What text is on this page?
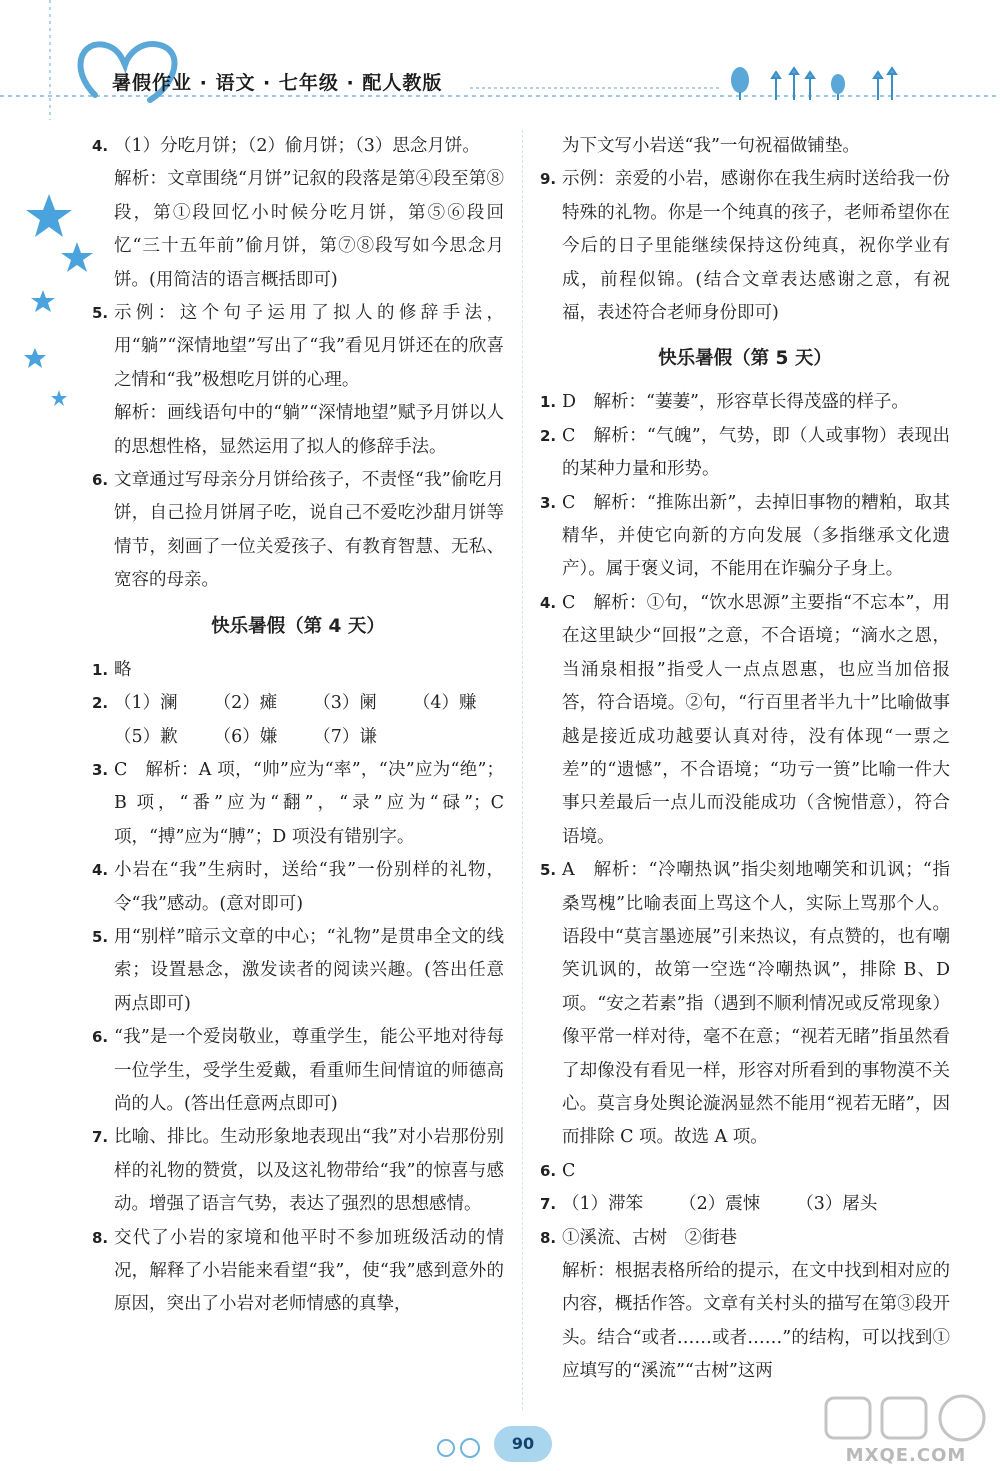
暑假作业 · 语文 · 七年级 · 配人教版
4. （1）分吃月饼；（2）偷月饼；（3）思念月饼。
解析：文章围绕“月饼”记叙的段落是第④段至第⑧段，第①段回忆小时候分吃月饼，第⑤⑥段回忆“三十五年前”偷月饼，第⑦⑧段写如今思念月饼。(用简洁的语言概括即可)
5. 示例：这个句子运用了拟人的修辞手法，用“躺”“深情地望”写出了“我”看见月饼还在的欣喜之情和“我”极想吃月饼的心理。
解析：画线语句中的“躺”“深情地望”赋予月饼以人的思想性格，显然运用了拟人的修辞手法。
6. 文章通过写母亲分月饼给孩子，不责怪“我”偷吃月饼，自己捡月饼屑子吃，说自己不爱吃沙甜月饼等情节，刻画了一位关爱孩子、有教育智慧、无私、宽容的母亲。
快乐暑假（第 4 天）
1. 略
2. （1）澜 （2）瘫 （3）阑 （4）赚
（5）歉 （6）嫌 （7）谦
3. C　解析：A 项，“帅”应为“率”，“决”应为“绝”；B 项，“番”应为“翻”，“录”应为“碌”；C 项，“搏”应为“膊”；D 项没有错别字。
4. 小岩在“我”生病时，送给“我”一份别样的礼物，令“我”感动。(意对即可)
5. 用“别样”暗示文章的中心；“礼物”是贯串全文的线索；设置悬念，激发读者的阅读兴趣。(答出任意两点即可)
6. “我”是一个爱岗敬业，尊重学生，能公平地对待每一位学生，受学生爱戴，看重师生间情谊的师德高尚的人。(答出任意两点即可)
7. 比喻、排比。生动形象地表现出“我”对小岩那份别样的礼物的赞赏，以及这礼物带给“我”的惊喜与感动。增强了语言气势，表达了强烈的思想感情。
8. 交代了小岩的家境和他平时不参加班级活动的情况，解释了小岩能来看望“我”，使“我”感到意外的原因，突出了小岩对老师情感的真挚，
为下文写小岩送“我”一句祝福做铺垫。
9. 示例：亲爱的小岩，感谢你在我生病时送给我一份特殊的礼物。你是一个纯真的孩子，老师希望你在今后的日子里能继续保持这份纯真，祝你学业有成，前程似锦。(结合文章表达感谢之意，有祝福，表述符合老师身份即可)
快乐暑假（第 5 天）
1. D　解析：“萋萋”，形容草长得茂盛的样子。
2. C　解析：“气魄”，气势，即（人或事物）表现出的某种力量和形势。
3. C　解析：“推陈出新”，去掉旧事物的糟粕，取其精华，并使它向新的方向发展（多指继承文化遗产）。属于褒义词，不能用在诈骗分子身上。
4. C　解析：①句，“饮水思源”主要指“不忘本”，用在这里缺少“回报”之意，不合语境；“滴水之恩，当涌泉相报”指受人一点点恩惠，也应当加倍报答，符合语境。②句，“行百里者半九十”比喻做事越是接近成功越要认真对待，没有体现“一票之差”的“遗憾”，不合语境；“功亏一篑”比喻一件大事只差最后一点儿而没能成功（含惋惜意），符合语境。
5. A　解析：“冷嘲热讽”指尖刻地嘲笑和讥讽；“指桑骂槐”比喻表面上骂这个人，实际上骂那个人。语段中“莫言墨迹展”引来热议，有点赞的，也有嘲笑讥讽的，故第一空选“冷嘲热讽”，排除 B、D 项。“安之若素”指（遇到不顺利情况或反常现象）像平常一样对待，毫不在意；“视若无睹”指虽然看了却像没有看见一样，形容对所看到的事物漠不关心。莫言身处舆论漩涡显然不能用“视若无睹”，因而排除 C 项。故选 A 项。
6. C
7. （1）滞笨 （2）震悚 （3）屠头
8. ①溪流、古树　②街巷
解析：根据表格所给的提示，在文中找到相对应的内容，概括作答。文章有关村头的描写在第③段开头。结合“或者……或者……”的结构，可以找到①应填写的“溪流”“古树”这两
90
MXQE.COM
